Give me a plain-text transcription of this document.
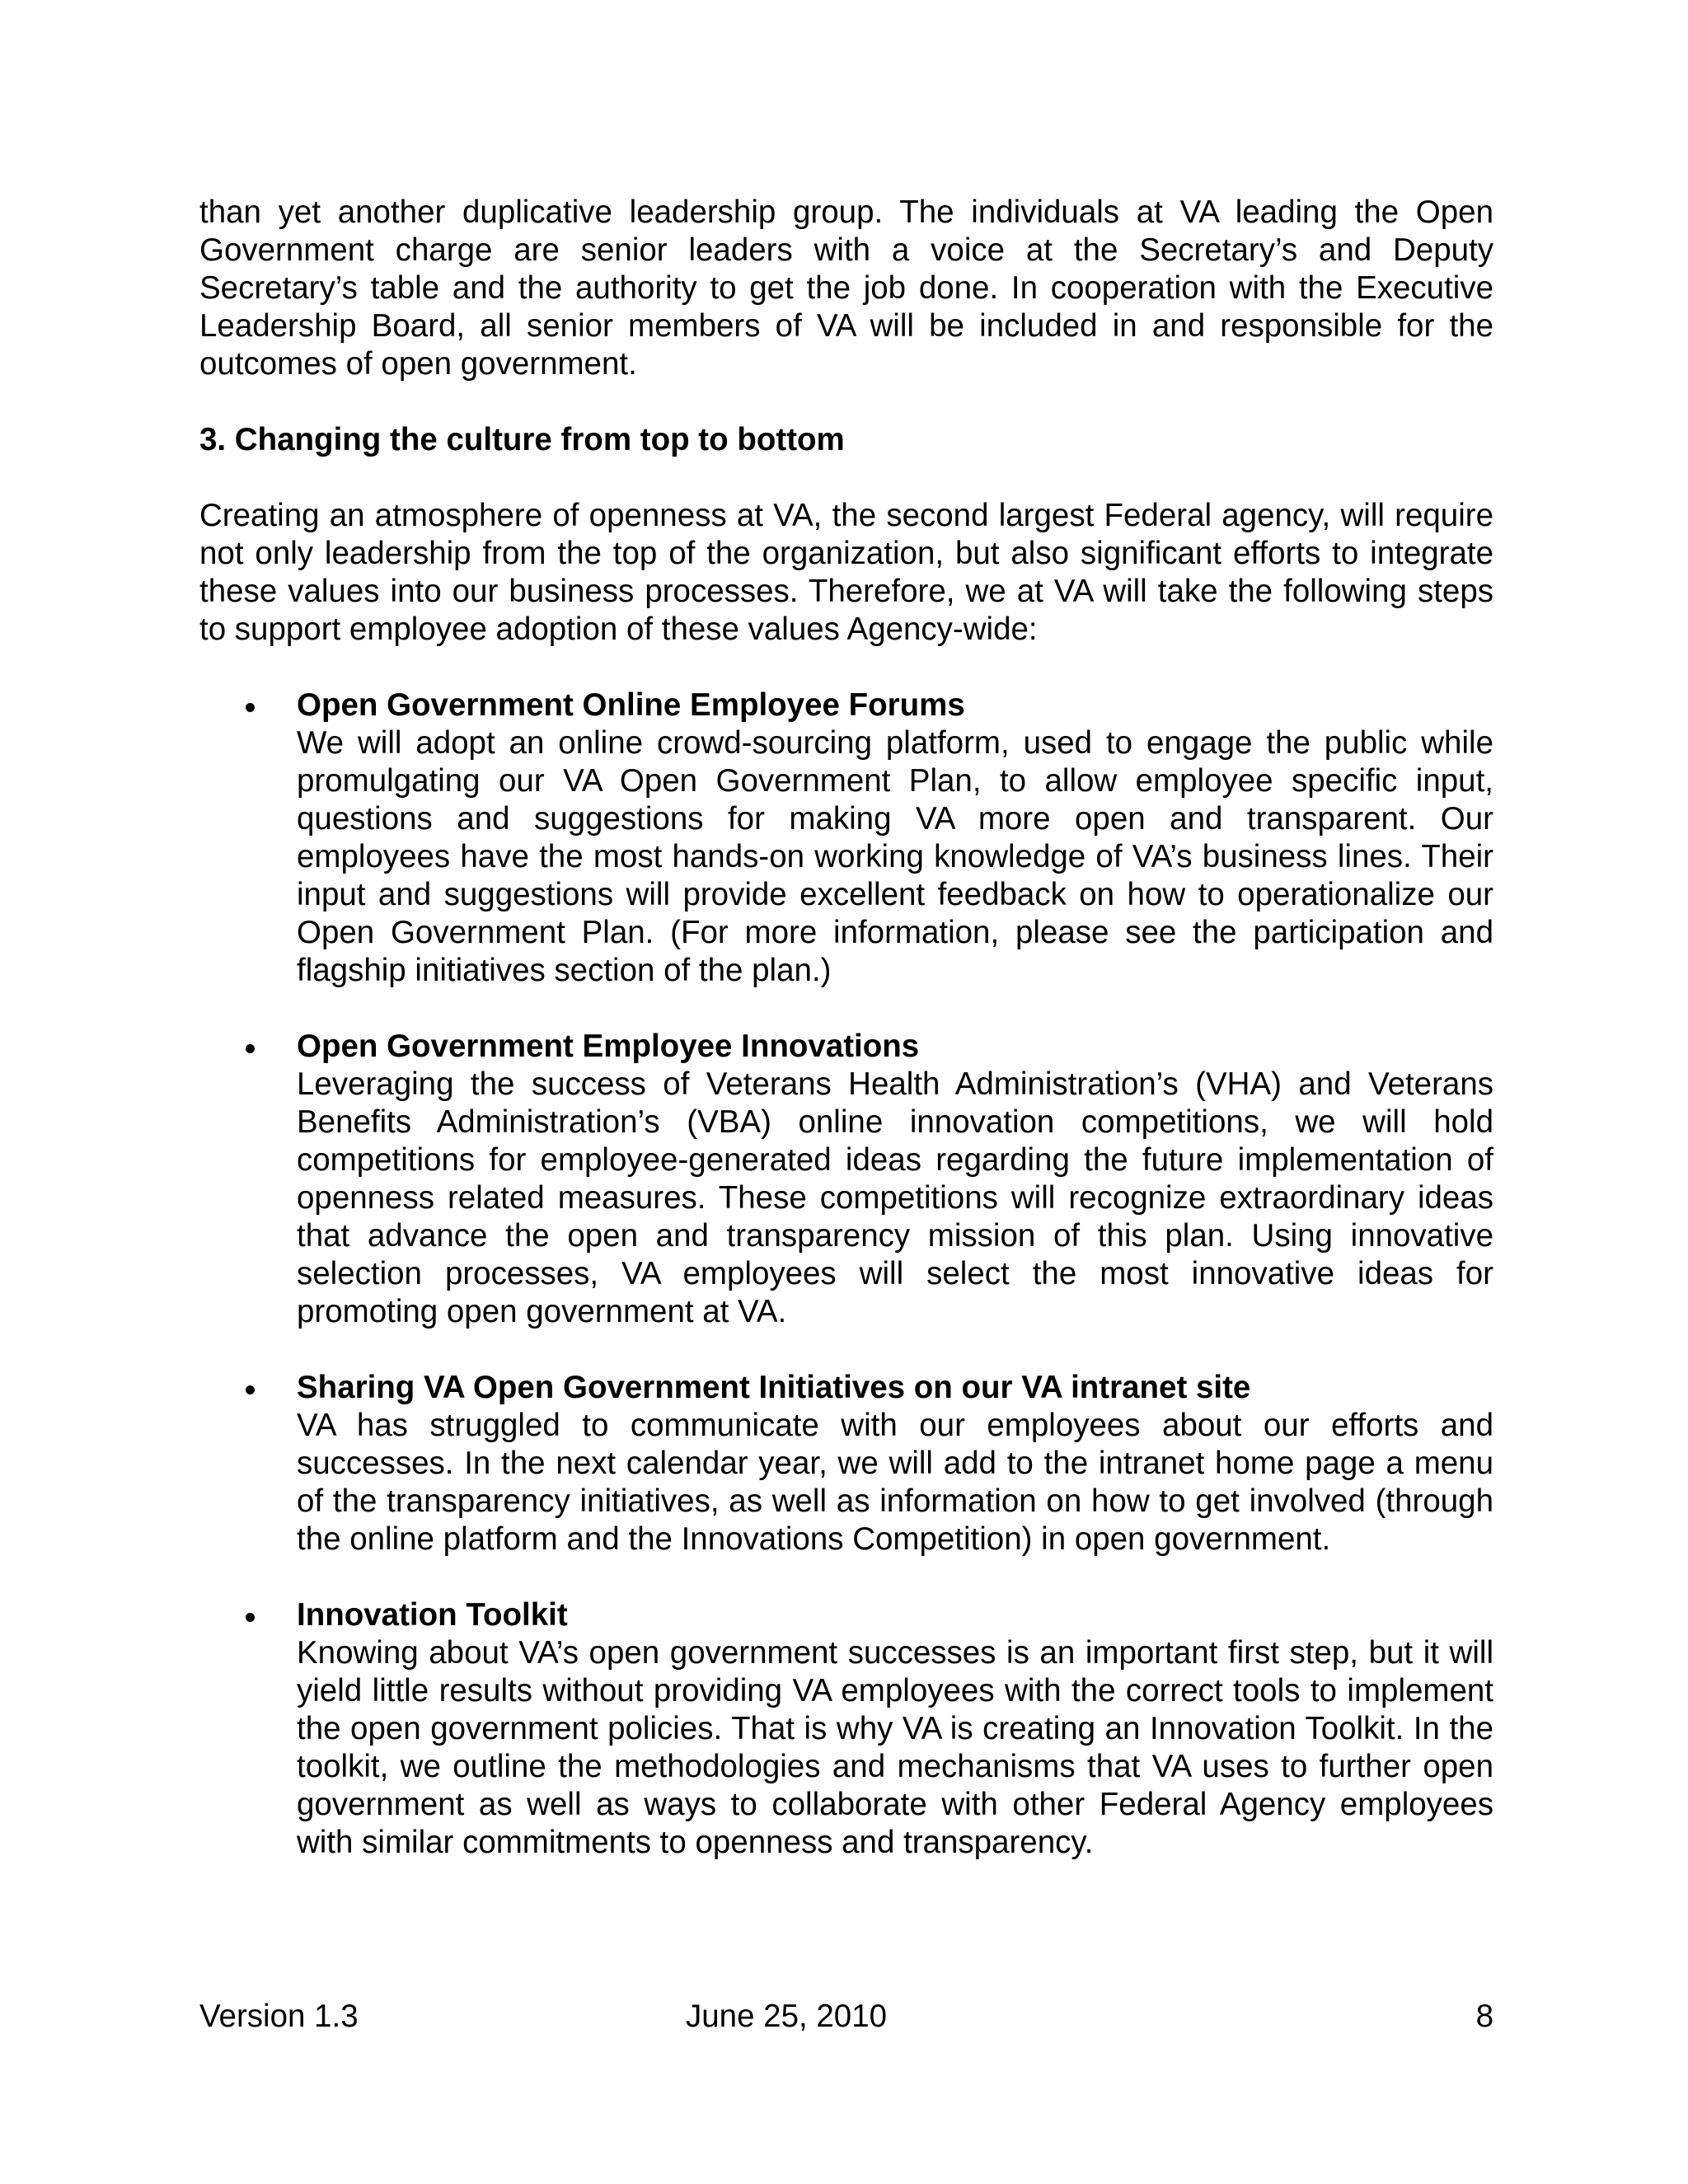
than yet another duplicative leadership group. The individuals at VA leading the Open Government charge are senior leaders with a voice at the Secretary’s and Deputy Secretary’s table and the authority to get the job done. In cooperation with the Executive Leadership Board, all senior members of VA will be included in and responsible for the outcomes of open government.

3. Changing the culture from top to bottom

Creating an atmosphere of openness at VA, the second largest Federal agency, will require not only leadership from the top of the organization, but also significant efforts to integrate these values into our business processes. Therefore, we at VA will take the following steps to support employee adoption of these values Agency-wide:

Open Government Online Employee Forums

We will adopt an online crowd-sourcing platform, used to engage the public while promulgating our VA Open Government Plan, to allow employee specific input, questions and suggestions for making VA more open and transparent. Our employees have the most hands-on working knowledge of VA’s business lines. Their input and suggestions will provide excellent feedback on how to operationalize our Open Government Plan. (For more information, please see the participation and flagship initiatives section of the plan.)

Open Government Employee Innovations

Leveraging the success of Veterans Health Administration’s (VHA) and Veterans Benefits Administration’s (VBA) online innovation competitions, we will hold competitions for employee-generated ideas regarding the future implementation of openness related measures. These competitions will recognize extraordinary ideas that advance the open and transparency mission of this plan. Using innovative selection processes, VA employees will select the most innovative ideas for promoting open government at VA.

Sharing VA Open Government Initiatives on our VA intranet site

VA has struggled to communicate with our employees about our efforts and successes. In the next calendar year, we will add to the intranet home page a menu of the transparency initiatives, as well as information on how to get involved (through the online platform and the Innovations Competition) in open government.

Innovation Toolkit

Knowing about VA’s open government successes is an important first step, but it will yield little results without providing VA employees with the correct tools to implement the open government policies. That is why VA is creating an Innovation Toolkit. In the toolkit, we outline the methodologies and mechanisms that VA uses to further open government as well as ways to collaborate with other Federal Agency employees with similar commitments to openness and transparency.

Version 1.3	June 25, 2010	8
